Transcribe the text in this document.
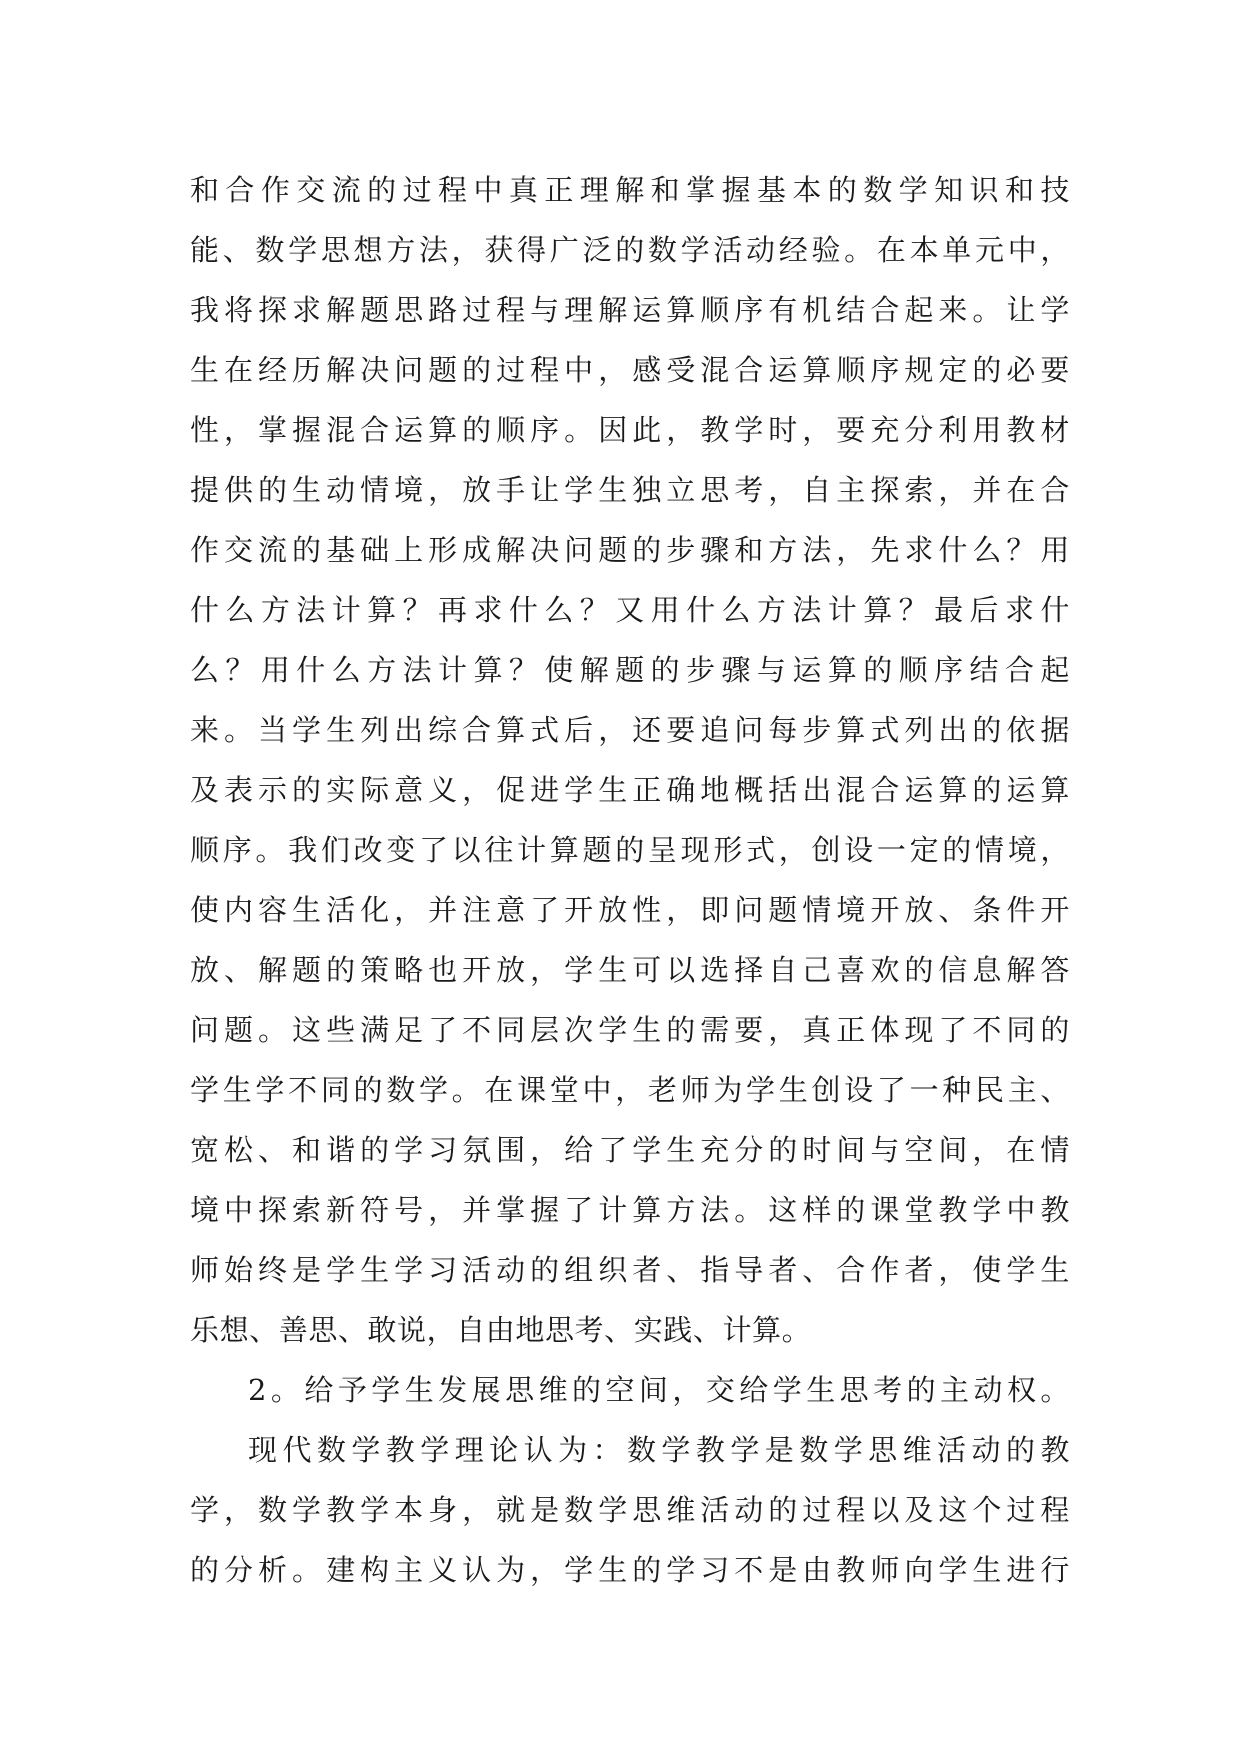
和合作交流的过程中真正理解和掌握基本的数学知识和技
能、数学思想方法，获得广泛的数学活动经验。在本单元中，
我将探求解题思路过程与理解运算顺序有机结合起来。让学
生在经历解决问题的过程中，感受混合运算顺序规定的必要
性，掌握混合运算的顺序。因此，教学时，要充分利用教材
提供的生动情境，放手让学生独立思考，自主探索，并在合
作交流的基础上形成解决问题的步骤和方法，先求什么？用
什么方法计算？再求什么？又用什么方法计算？最后求什
么？用什么方法计算？使解题的步骤与运算的顺序结合起
来。当学生列出综合算式后，还要追问每步算式列出的依据
及表示的实际意义，促进学生正确地概括出混合运算的运算
顺序。我们改变了以往计算题的呈现形式，创设一定的情境，
使内容生活化，并注意了开放性，即问题情境开放、条件开
放、解题的策略也开放，学生可以选择自己喜欢的信息解答
问题。这些满足了不同层次学生的需要，真正体现了不同的
学生学不同的数学。在课堂中，老师为学生创设了一种民主、
宽松、和谐的学习氛围，给了学生充分的时间与空间，在情
境中探索新符号，并掌握了计算方法。这样的课堂教学中教
师始终是学生学习活动的组织者、指导者、合作者，使学生
乐想、善思、敢说，自由地思考、实践、计算。
2。给予学生发展思维的空间，交给学生思考的主动权。
现代数学教学理论认为：数学教学是数学思维活动的教
学，数学教学本身，就是数学思维活动的过程以及这个过程
的分析。建构主义认为，学生的学习不是由教师向学生进行
